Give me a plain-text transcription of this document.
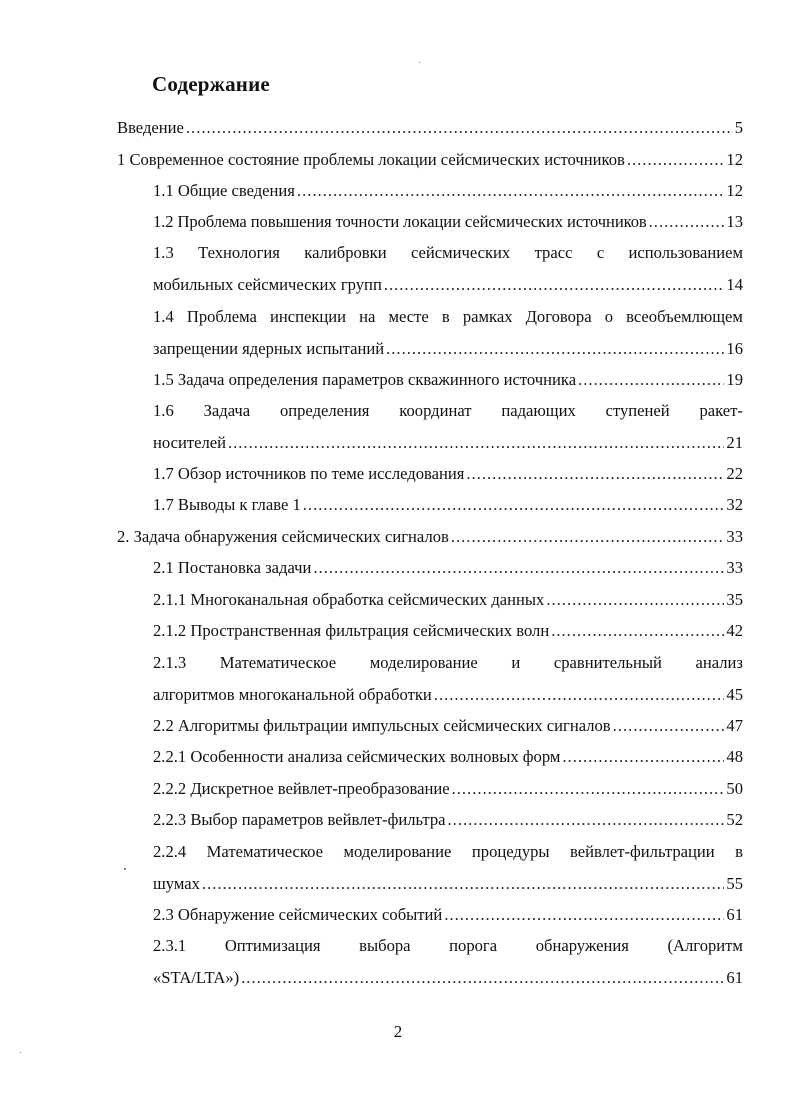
Содержание
Введение .....	5
1 Современное состояние проблемы локации сейсмических источников .....	12
1.1 Общие сведения .....	12
1.2 Проблема повышения точности локации сейсмических источников .....	13
1.3 Технология калибровки сейсмических трасс с использованием
мобильных сейсмических групп .....	14
1.4 Проблема инспекции на месте в рамках Договора о всеобъемлющем
запрещении ядерных испытаний .....	16
1.5 Задача определения параметров скважинного источника .....	19
1.6 Задача определения координат падающих ступеней ракет-
носителей .....	21
1.7 Обзор источников по теме исследования .....	22
1.7 Выводы к главе 1 .....	32
2. Задача обнаружения сейсмических сигналов .....	33
2.1 Постановка задачи .....	33
2.1.1 Многоканальная обработка сейсмических данных .....	35
2.1.2 Пространственная фильтрация сейсмических волн .....	42
2.1.3 Математическое моделирование и сравнительный анализ
алгоритмов многоканальной обработки .....	45
2.2 Алгоритмы фильтрации импульсных сейсмических сигналов .....	47
2.2.1 Особенности анализа сейсмических волновых форм .....	48
2.2.2 Дискретное вейвлет-преобразование .....	50
2.2.3 Выбор параметров вейвлет-фильтра .....	52
2.2.4 Математическое моделирование процедуры вейвлет-фильтрации в
шумах .....	55
2.3 Обнаружение сейсмических событий .....	61
2.3.1 Оптимизация выбора порога обнаружения (Алгоритм
«STA/LTA») .....	61
2
